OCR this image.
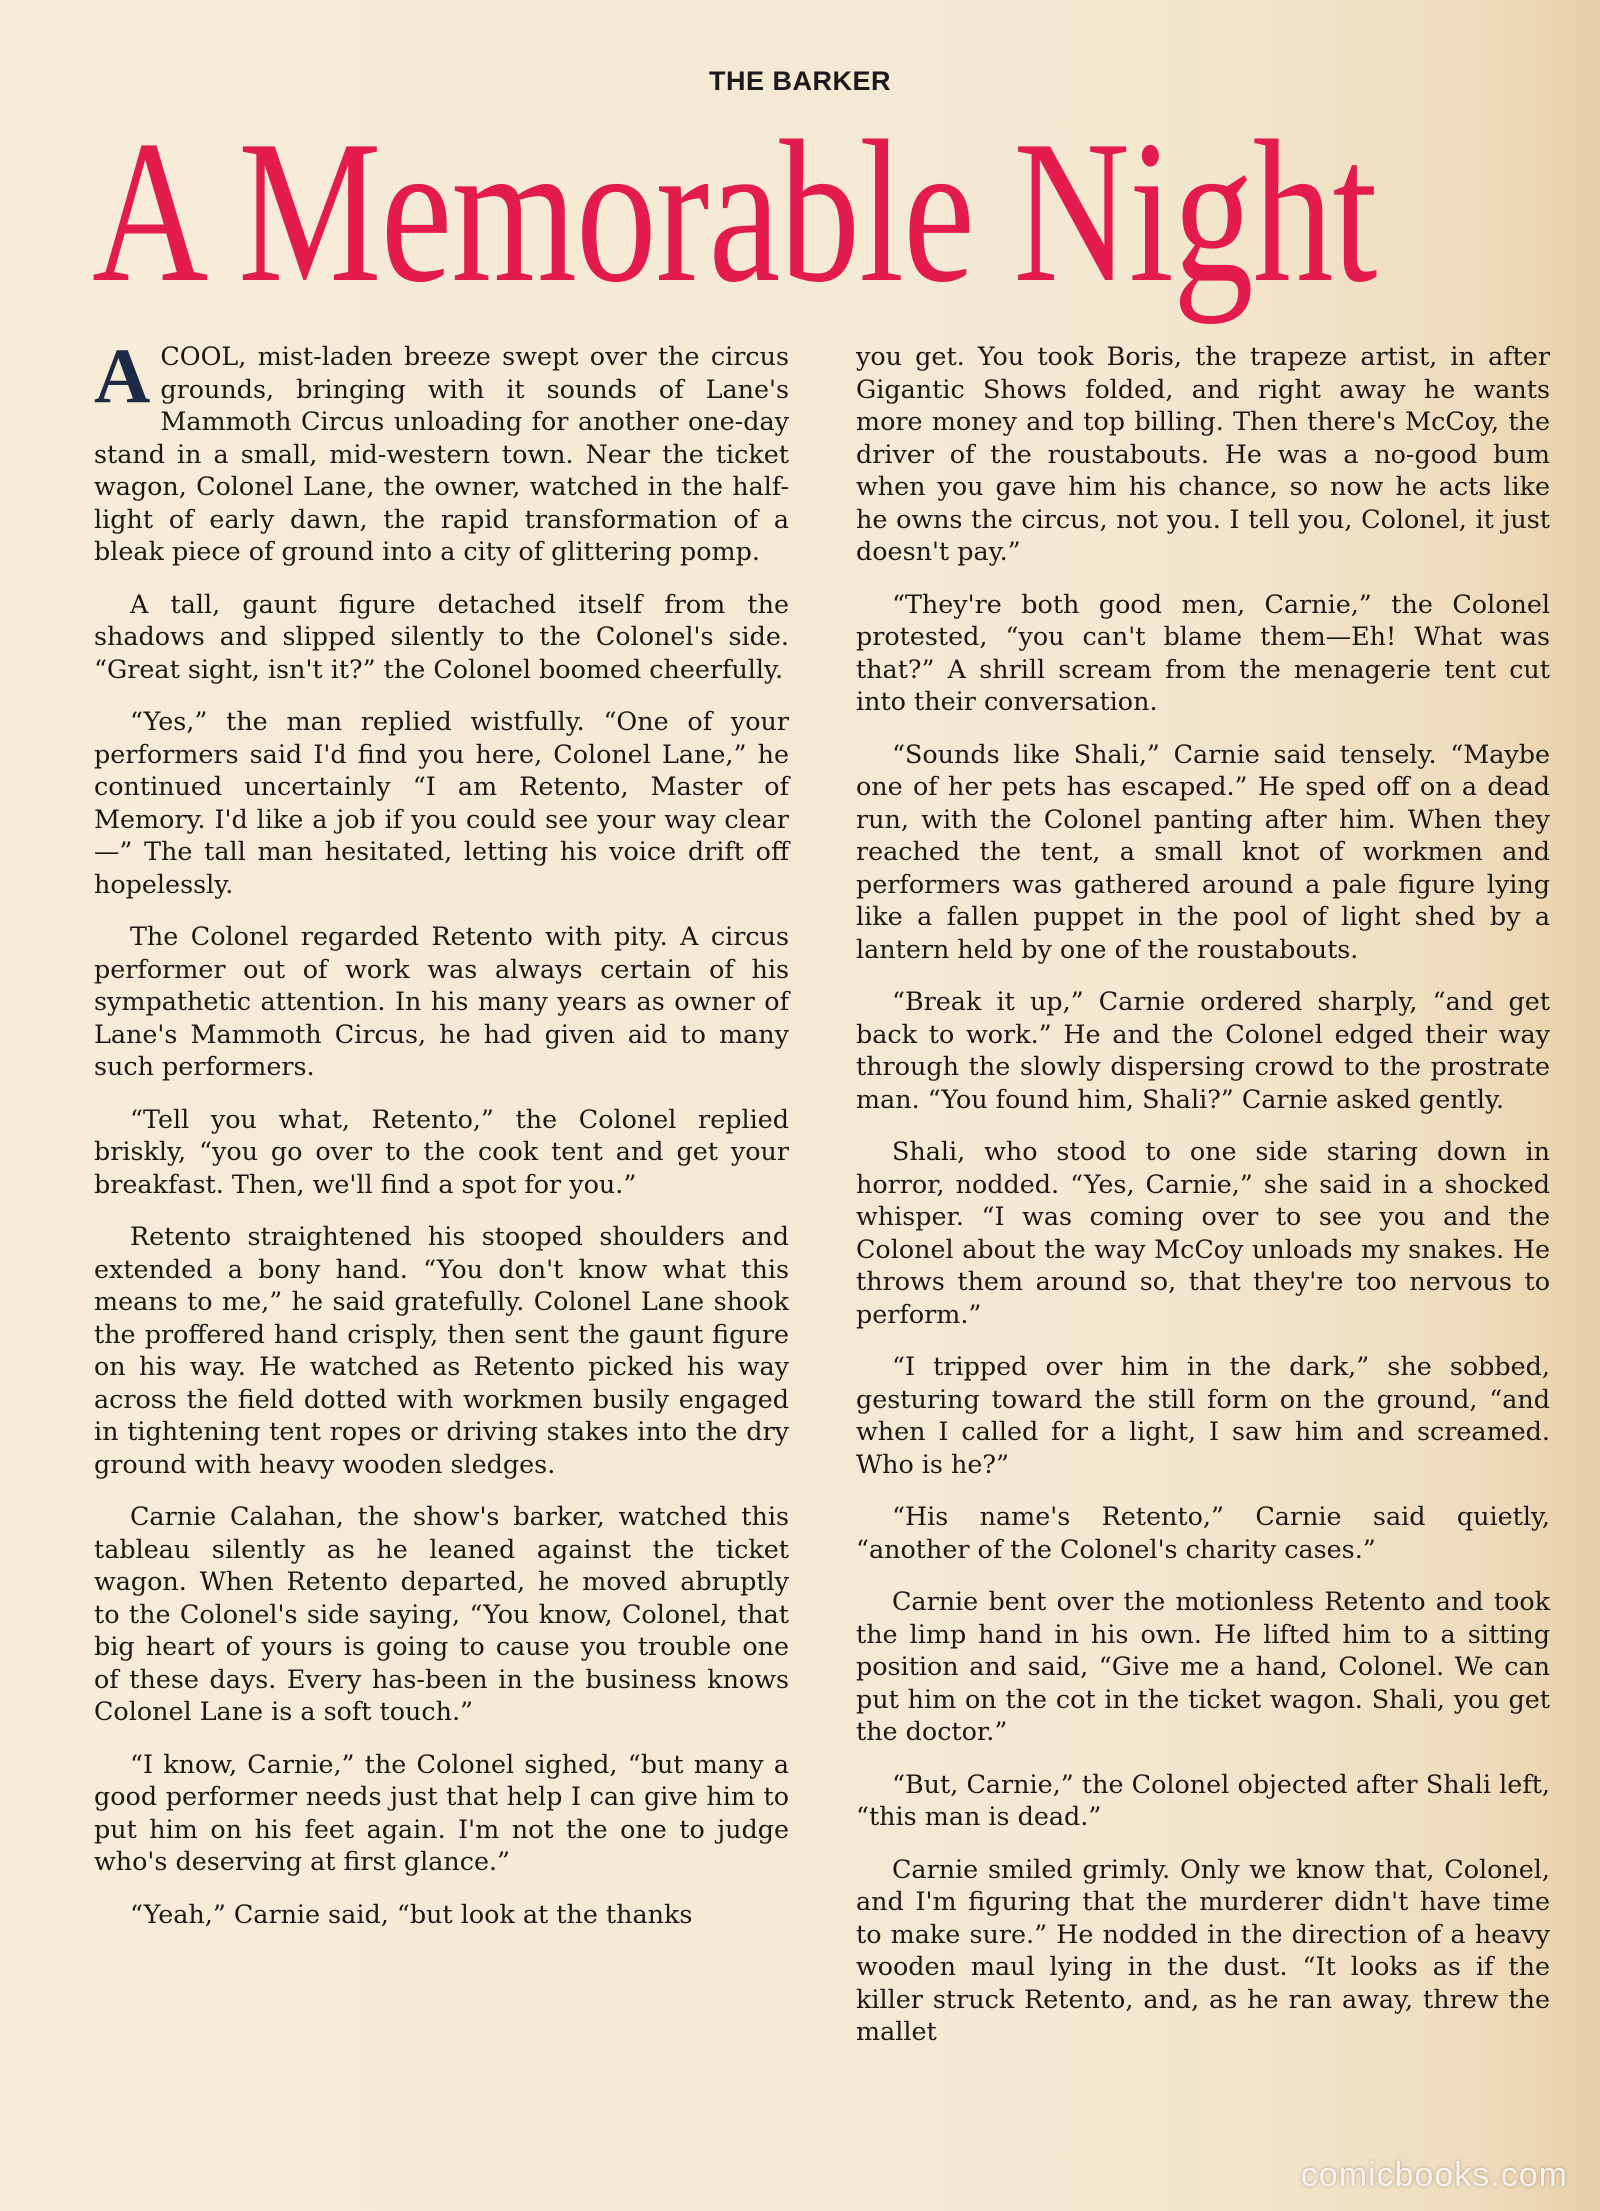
THE BARKER
A Memorable Night

ACOOL, mist-laden breeze swept over the circus grounds, bringing with it sounds of Lane's Mammoth Circus unloading for another one-day stand in a small, mid-western town. Near the ticket wagon, Colonel Lane, the owner, watched in the half-light of early dawn, the rapid transformation of a bleak piece of ground into a city of glittering pomp.

A tall, gaunt figure detached itself from the shadows and slipped silently to the Colonel's side. “Great sight, isn't it?” the Colonel boomed cheerfully.

“Yes,” the man replied wistfully. “One of your performers said I'd find you here, Colonel Lane,” he continued uncertainly “I am Retento, Master of Memory. I'd like a job if you could see your way clear—” The tall man hesitated, letting his voice drift off hopelessly.

The Colonel regarded Retento with pity. A circus performer out of work was always certain of his sympathetic attention. In his many years as owner of Lane's Mammoth Circus, he had given aid to many such performers.

“Tell you what, Retento,” the Colonel replied briskly, “you go over to the cook tent and get your breakfast. Then, we'll find a spot for you.”

Retento straightened his stooped shoulders and extended a bony hand. “You don't know what this means to me,” he said gratefully. Colonel Lane shook the proffered hand crisply, then sent the gaunt figure on his way. He watched as Retento picked his way across the field dotted with workmen busily engaged in tightening tent ropes or driving stakes into the dry ground with heavy wooden sledges.

Carnie Calahan, the show's barker, watched this tableau silently as he leaned against the ticket wagon. When Retento departed, he moved abruptly to the Colonel's side saying, “You know, Colonel, that big heart of yours is going to cause you trouble one of these days. Every has-been in the business knows Colonel Lane is a soft touch.”

“I know, Carnie,” the Colonel sighed, “but many a good performer needs just that help I can give him to put him on his feet again. I'm not the one to judge who's deserving at first glance.”

“Yeah,” Carnie said, “but look at the thanks

you get. You took Boris, the trapeze artist, in after Gigantic Shows folded, and right away he wants more money and top billing. Then there's McCoy, the driver of the roustabouts. He was a no-good bum when you gave him his chance, so now he acts like he owns the circus, not you. I tell you, Colonel, it just doesn't pay.”

“They're both good men, Carnie,” the Colonel protested, “you can't blame them—Eh! What was that?” A shrill scream from the menagerie tent cut into their conversation.

“Sounds like Shali,” Carnie said tensely. “Maybe one of her pets has escaped.” He sped off on a dead run, with the Colonel panting after him. When they reached the tent, a small knot of workmen and performers was gathered around a pale figure lying like a fallen puppet in the pool of light shed by a lantern held by one of the roustabouts.

“Break it up,” Carnie ordered sharply, “and get back to work.” He and the Colonel edged their way through the slowly dispersing crowd to the prostrate man. “You found him, Shali?” Carnie asked gently.

Shali, who stood to one side staring down in horror, nodded. “Yes, Carnie,” she said in a shocked whisper. “I was coming over to see you and the Colonel about the way McCoy unloads my snakes. He throws them around so, that they're too nervous to perform.”

“I tripped over him in the dark,” she sobbed, gesturing toward the still form on the ground, “and when I called for a light, I saw him and screamed. Who is he?”

“His name's Retento,” Carnie said quietly, “another of the Colonel's charity cases.”

Carnie bent over the motionless Retento and took the limp hand in his own. He lifted him to a sitting position and said, “Give me a hand, Colonel. We can put him on the cot in the ticket wagon. Shali, you get the doctor.”

“But, Carnie,” the Colonel objected after Shali left, “this man is dead.”

Carnie smiled grimly. Only we know that, Colonel, and I'm figuring that the murderer didn't have time to make sure.” He nodded in the direction of a heavy wooden maul lying in the dust. “It looks as if the killer struck Retento, and, as he ran away, threw the mallet

comicbooks.com
